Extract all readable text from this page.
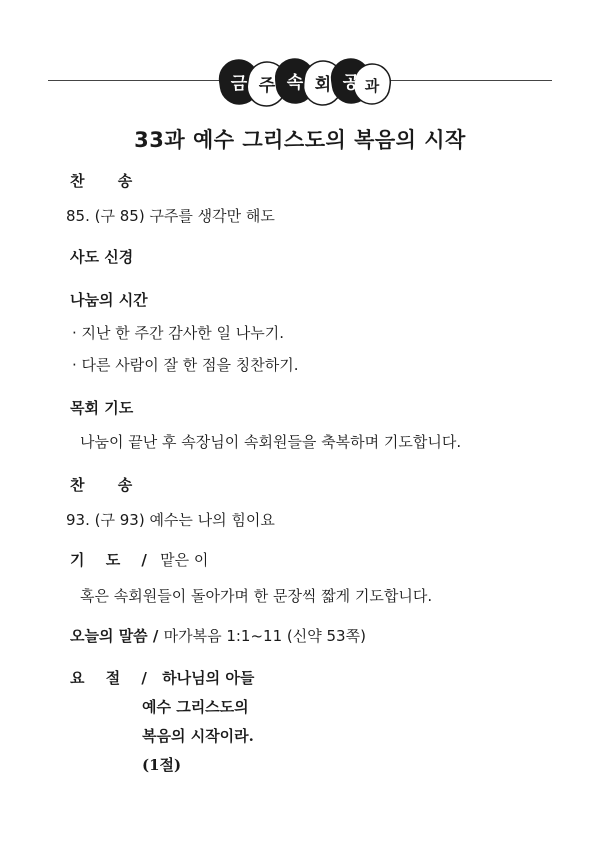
금 주 속 회 공 과
33과 예수 그리스도의 복음의 시작
찬 송
85. (구 85) 구주를 생각만 해도
사도 신경
나눔의 시간
· 지난 한 주간 감사한 일 나누기.
· 다른 사람이 잘 한 점을 칭찬하기.
목회 기도
나눔이 끝난 후 속장님이 속회원들을 축복하며 기도합니다.
찬 송
93. (구 93) 예수는 나의 힘이요
기 도 / 맡은 이
혹은 속회원들이 돌아가며 한 문장씩 짧게 기도합니다.
오늘의 말씀 / 마가복음 1:1~11 (신약 53쪽)
요 절 / 하나님의 아들
예수 그리스도의
복음의 시작이라.
(1절)
